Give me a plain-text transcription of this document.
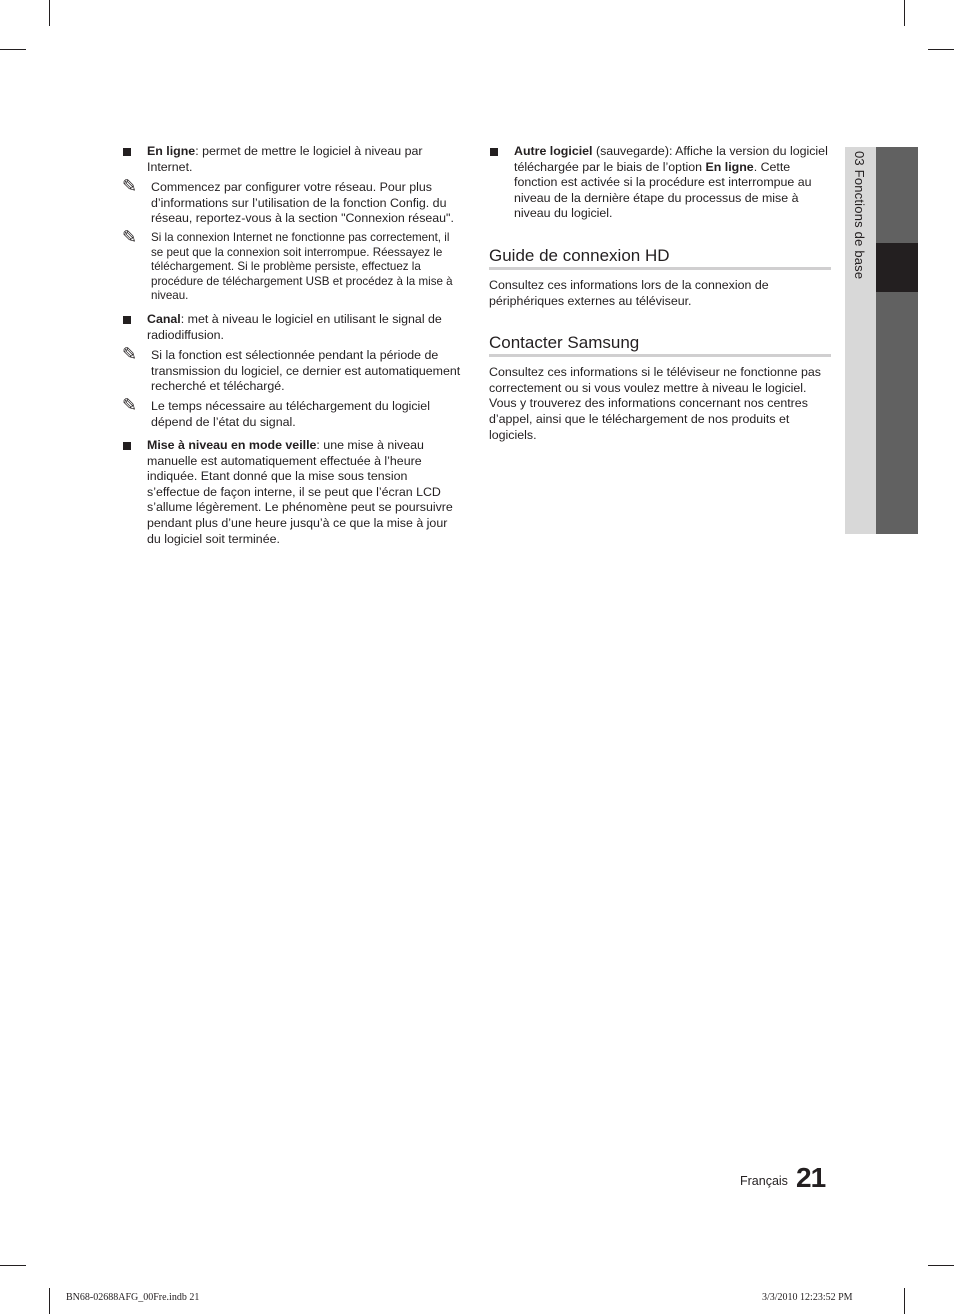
En ligne: permet de mettre le logiciel à niveau par Internet.
✎ Commencez par configurer votre réseau. Pour plus d’informations sur l’utilisation de la fonction Config. du réseau, reportez-vous à la section "Connexion réseau".
✎ Si la connexion Internet ne fonctionne pas correctement, il se peut que la connexion soit interrompue. Réessayez le téléchargement. Si le problème persiste, effectuez la procédure de téléchargement USB et procédez à la mise à niveau.
Canal: met à niveau le logiciel en utilisant le signal de radiodiffusion.
✎ Si la fonction est sélectionnée pendant la période de transmission du logiciel, ce dernier est automatiquement recherché et téléchargé.
✎ Le temps nécessaire au téléchargement du logiciel dépend de l’état du signal.
Mise à niveau en mode veille: une mise à niveau manuelle est automatiquement effectuée à l’heure indiquée. Etant donné que la mise sous tension s’effectue de façon interne, il se peut que l’écran LCD s’allume légèrement. Le phénomène peut se poursuivre pendant plus d’une heure jusqu’à ce que la mise à jour du logiciel soit terminée.
Autre logiciel (sauvegarde): Affiche la version du logiciel téléchargée par le biais de l’option En ligne. Cette fonction est activée si la procédure est interrompue au niveau de la dernière étape du processus de mise à niveau du logiciel.
Guide de connexion HD
Consultez ces informations lors de la connexion de périphériques externes au téléviseur.
Contacter Samsung
Consultez ces informations si le téléviseur ne fonctionne pas correctement ou si vous voulez mettre à niveau le logiciel. Vous y trouverez des informations concernant nos centres d’appel, ainsi que le téléchargement de nos produits et logiciels.
03 Fonctions de base
Français 21
BN68-02688AFG_00Fre.indb 21	3/3/2010 12:23:52 PM
